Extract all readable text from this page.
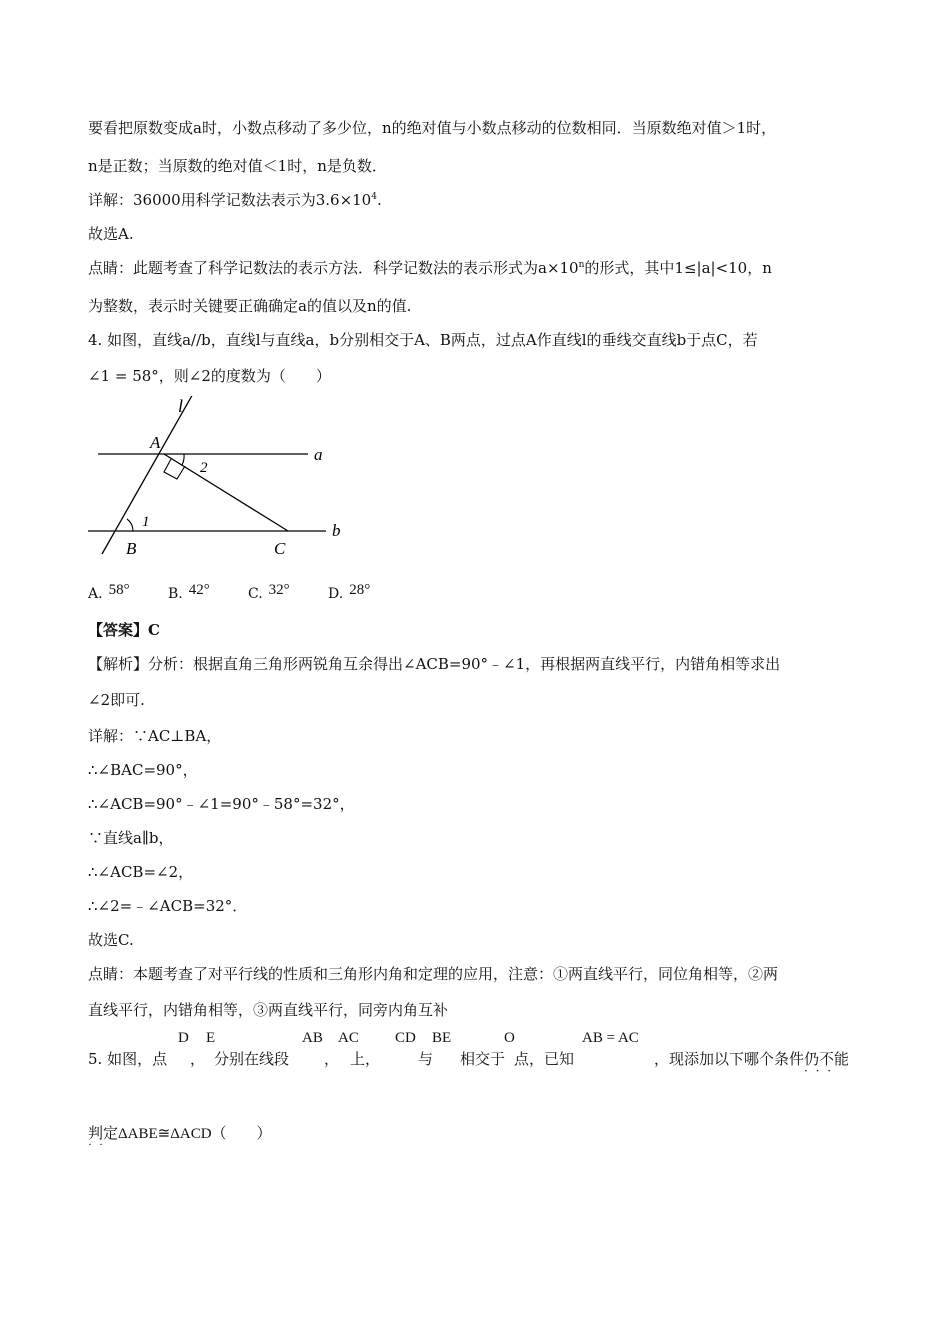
要看把原数变成a时，小数点移动了多少位，n的绝对值与小数点移动的位数相同．当原数绝对值＞1时，
n是正数；当原数的绝对值＜1时，n是负数．
详解：36000用科学记数法表示为$3.6\times 10^4$.
故选A.
点睛：此题考查了科学记数法的表示方法．科学记数法的表示形式为$a\times 10^n$的形式，其中1≤|a|<10，n
为整数，表示时关键要正确确定a的值以及n的值.
4. 如图，直线a//b，直线l与直线a，b分别相交于A、B两点，过点A作直线l的垂线交直线b于点C，若
∠1 = 58°，则∠2的度数为（　　）
l
A
a
2
1
B	C
b
A. 58°	B. 42°	C. 32°	D. 28°
【答案】C
【解析】分析：根据直角三角形两锐角互余得出∠ACB=90°﹣∠1，再根据两直线平行，内错角相等求出
∠2即可.
详解：∵AC⊥BA，
∴∠BAC=90°，
∴∠ACB=90°﹣∠1=90°﹣58°=32°，
∵直线a∥b，
∴∠ACB=∠2，
∴∠2=﹣∠ACB=32°．
故选C.
点睛：本题考查了对平行线的性质和三角形内角和定理的应用，注意：①两直线平行，同位角相等，②两
直线平行，内错角相等，③两直线平行，同旁内角互补
D E	AB AC CD BE	O	AB = AC
5. 如图，点 ， 分别在线段 ， 上，	与 相交于 点，已知	，现添加以下哪个条件仍不能 · · ·
判定 · ·ΔABE≅ΔACD（　　）
